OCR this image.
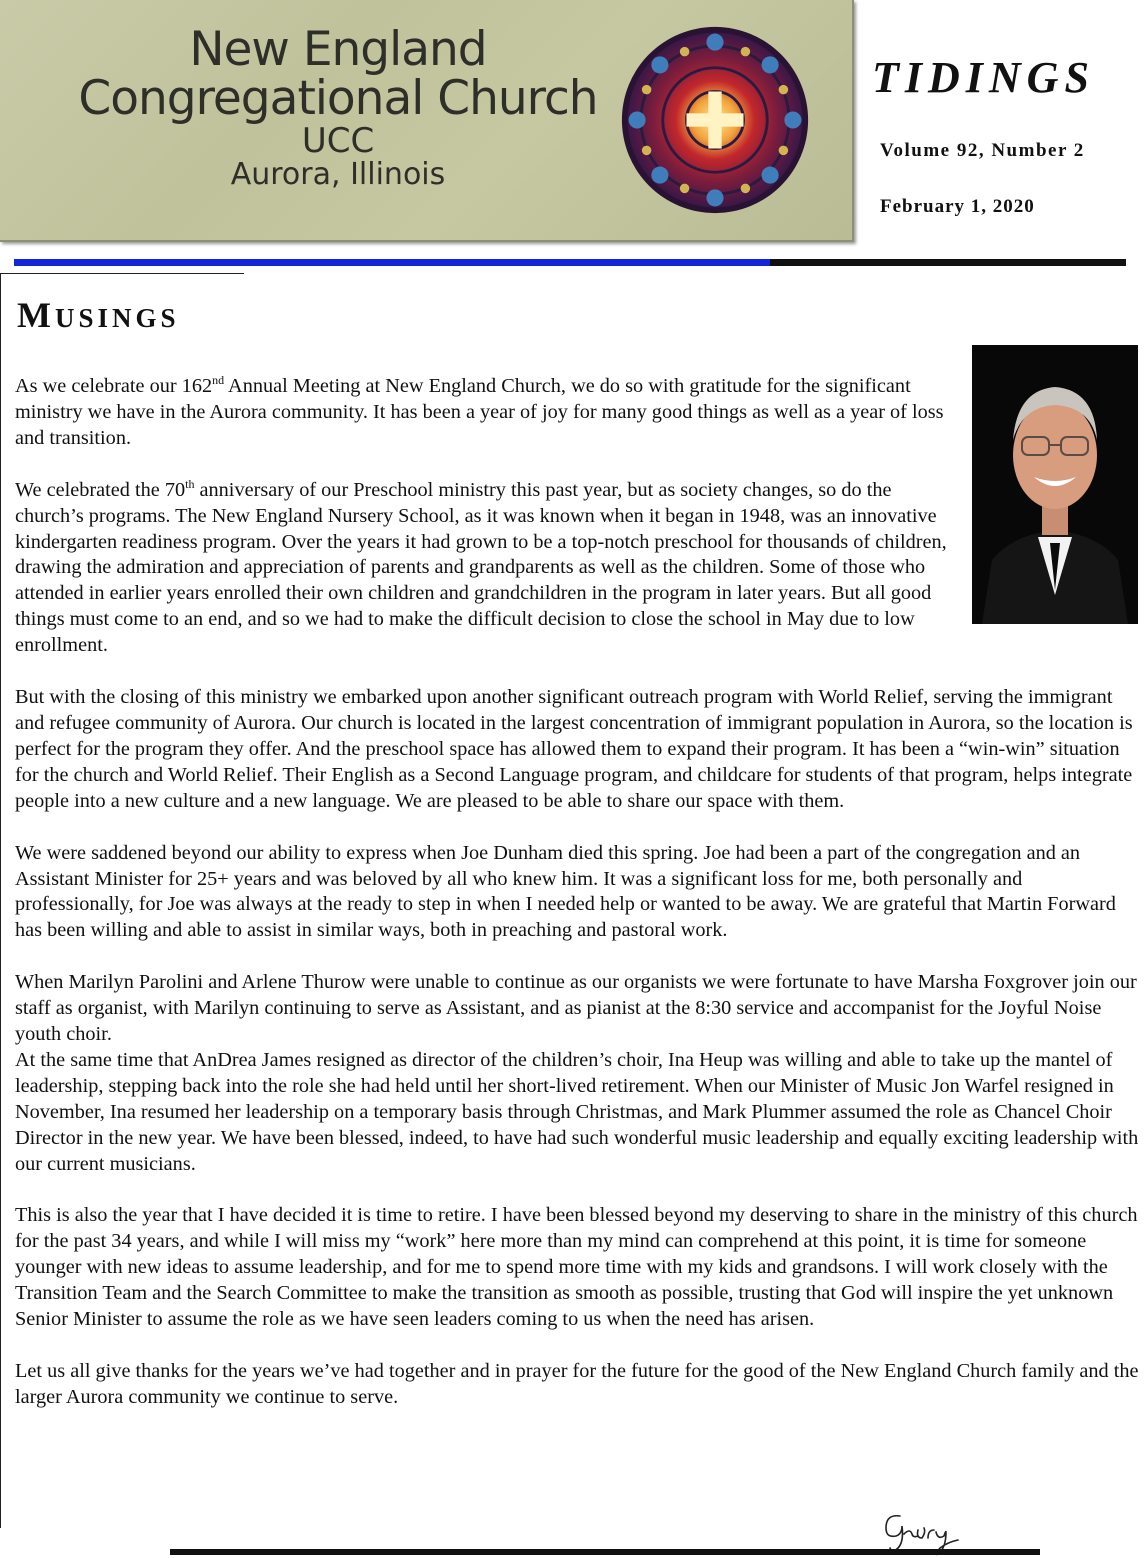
New England
Congregational Church
UCC
Aurora, Illinois
TIDINGS
Volume 92, Number 2
February 1, 2020
MUSINGS

As we celebrate our 162nd Annual Meeting at New England Church, we do so with gratitude for the significant ministry we have in the Aurora community. It has been a year of joy for many good things as well as a year of loss and transition.

We celebrated the 70th anniversary of our Preschool ministry this past year, but as society changes, so do the church’s programs. The New England Nursery School, as it was known when it began in 1948, was an innovative kindergarten readiness program. Over the years it had grown to be a top-notch preschool for thousands of children, drawing the admiration and appreciation of parents and grandparents as well as the children. Some of those who attended in earlier years enrolled their own children and grandchildren in the program in later years. But all good things must come to an end, and so we had to make the difficult decision to close the school in May due to low enrollment.

But with the closing of this ministry we embarked upon another significant outreach program with World Relief, serving the immigrant and refugee community of Aurora. Our church is located in the largest concentration of immigrant population in Aurora, so the location is perfect for the program they offer. And the preschool space has allowed them to expand their program. It has been a “win-win” situation for the church and World Relief. Their English as a Second Language program, and childcare for students of that program, helps integrate people into a new culture and a new language. We are pleased to be able to share our space with them.

We were saddened beyond our ability to express when Joe Dunham died this spring. Joe had been a part of the congregation and an Assistant Minister for 25+ years and was beloved by all who knew him. It was a significant loss for me, both personally and professionally, for Joe was always at the ready to step in when I needed help or wanted to be away. We are grateful that Martin Forward has been willing and able to assist in similar ways, both in preaching and pastoral work.

When Marilyn Parolini and Arlene Thurow were unable to continue as our organists we were fortunate to have Marsha Foxgrover join our staff as organist, with Marilyn continuing to serve as Assistant, and as pianist at the 8:30 service and accompanist for the Joyful Noise youth choir.

At the same time that AnDrea James resigned as director of the children’s choir, Ina Heup was willing and able to take up the mantel of leadership, stepping back into the role she had held until her short-lived retirement. When our Minister of Music Jon Warfel resigned in November, Ina resumed her leadership on a temporary basis through Christmas, and Mark Plummer assumed the role as Chancel Choir Director in the new year. We have been blessed, indeed, to have had such wonderful music leadership and equally exciting leadership with our current musicians.

This is also the year that I have decided it is time to retire. I have been blessed beyond my deserving to share in the ministry of this church for the past 34 years, and while I will miss my “work” here more than my mind can comprehend at this point, it is time for someone younger with new ideas to assume leadership, and for me to spend more time with my kids and grandsons. I will work closely with the Transition Team and the Search Committee to make the transition as smooth as possible, trusting that God will inspire the yet unknown Senior Minister to assume the role as we have seen leaders coming to us when the need has arisen.

Let us all give thanks for the years we’ve had together and in prayer for the future for the good of the New England Church family and the larger Aurora community we continue to serve.
